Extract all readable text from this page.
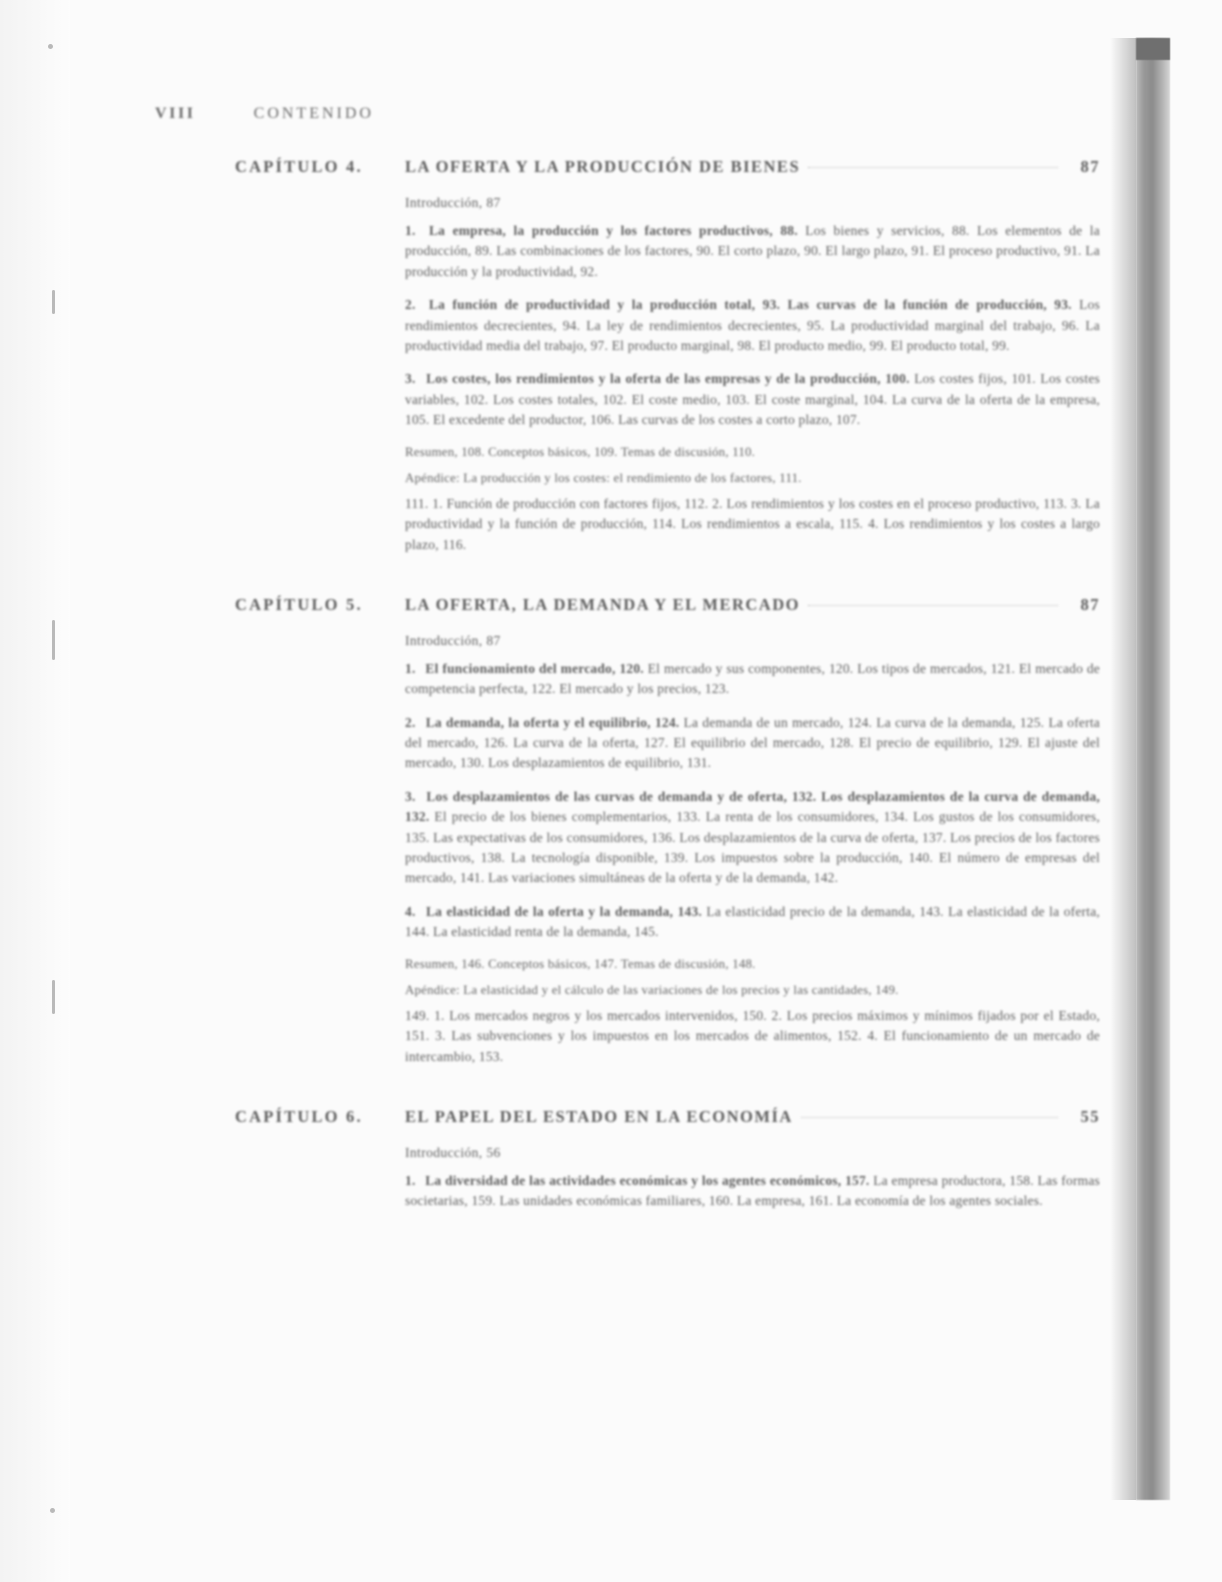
VIII	CONTENIDO
CAPÍTULO 4.	LA OFERTA Y LA PRODUCCIÓN DE BIENES	87
Introducción, 87
1. La empresa, la producción y los factores productivos, 88. Los bienes y servicios, 88. Los elementos de la producción, 89. Las combinaciones de los factores, 90. El corto plazo, 90. El largo plazo, 91. El proceso productivo, 91. La producción y la productividad, 92.
2. La función de productividad y la producción total, 93. Las curvas de la función de producción, 93. Los rendimientos decrecientes, 94. La ley de rendimientos decrecientes, 95. La productividad marginal del trabajo, 96. La productividad media del trabajo, 97. El producto marginal, 98. El producto medio, 99. El producto total, 99.
3. Los costes, los rendimientos y la oferta de las empresas y de la producción, 100. Los costes fijos, 101. Los costes variables, 102. Los costes totales, 102. El coste medio, 103. El coste marginal, 104. La curva de la oferta de la empresa, 105. El excedente del productor, 106. Las curvas de los costes a corto plazo, 107.
Resumen, 108. Conceptos básicos, 109. Temas de discusión, 110.
Apéndice: La producción y los costes: el rendimiento de los factores, 111.
111. 1. Función de producción con factores fijos, 112. 2. Los rendimientos y los costes en el proceso productivo, 113. 3. La productividad y la función de producción, 114. Los rendimientos a escala, 115. 4. Los rendimientos y los costes a largo plazo, 116.
CAPÍTULO 5.	LA OFERTA, LA DEMANDA Y EL MERCADO	87
Introducción, 87
1. El funcionamiento del mercado, 120. El mercado y sus componentes, 120. Los tipos de mercados, 121. El mercado de competencia perfecta, 122. El mercado y los precios, 123.
2. La demanda, la oferta y el equilibrio, 124. La demanda de un mercado, 124. La curva de la demanda, 125. La oferta del mercado, 126. La curva de la oferta, 127. El equilibrio del mercado, 128. El precio de equilibrio, 129. El ajuste del mercado, 130. Los desplazamientos de equilibrio, 131.
3. Los desplazamientos de las curvas de demanda y de oferta, 132. Los desplazamientos de la curva de demanda, 132. El precio de los bienes complementarios, 133. La renta de los consumidores, 134. Los gustos de los consumidores, 135. Las expectativas de los consumidores, 136. Los desplazamientos de la curva de oferta, 137. Los precios de los factores productivos, 138. La tecnología disponible, 139. Los impuestos sobre la producción, 140. El número de empresas del mercado, 141. Las variaciones simultáneas de la oferta y de la demanda, 142.
4. La elasticidad de la oferta y la demanda, 143. La elasticidad precio de la demanda, 143. La elasticidad de la oferta, 144. La elasticidad renta de la demanda, 145.
Resumen, 146. Conceptos básicos, 147. Temas de discusión, 148.
Apéndice: La elasticidad y el cálculo de las variaciones de los precios y las cantidades, 149.
149. 1. Los mercados negros y los mercados intervenidos, 150. 2. Los precios máximos y mínimos fijados por el Estado, 151. 3. Las subvenciones y los impuestos en los mercados de alimentos, 152. 4. El funcionamiento de un mercado de intercambio, 153.
CAPÍTULO 6.	EL PAPEL DEL ESTADO EN LA ECONOMÍA	55
Introducción, 56
1. La diversidad de las actividades económicas y los agentes económicos, 157. La empresa productora, 158. Las formas societarias, 159. Las unidades económicas familiares, 160. La empresa, 161. La economía de los agentes sociales.
